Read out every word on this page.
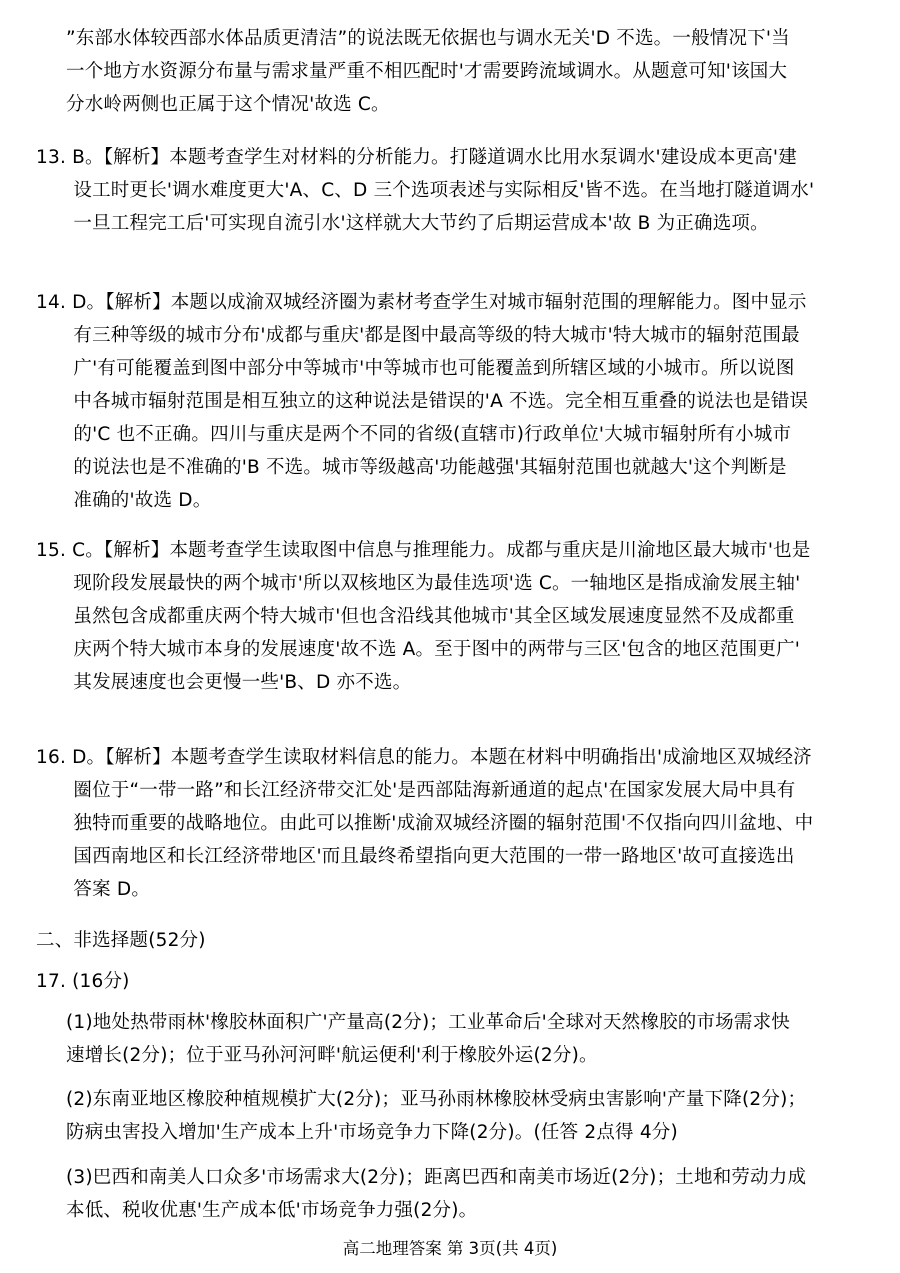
”东部水体较西部水体品质更清洁”的说法既无依据也与调水无关'D 不选。一般情况下'当
一个地方水资源分布量与需求量严重不相匹配时'才需要跨流域调水。从题意可知'该国大
分水岭两侧也正属于这个情况'故选 C。
13. B。【解析】本题考查学生对材料的分析能力。打隧道调水比用水泵调水'建设成本更高'建
　　设工时更长'调水难度更大'A、C、D 三个选项表述与实际相反'皆不选。在当地打隧道调水'
　　一旦工程完工后'可实现自流引水'这样就大大节约了后期运营成本'故 B 为正确选项。
14. D。【解析】本题以成渝双城经济圈为素材考查学生对城市辐射范围的理解能力。图中显示
　　有三种等级的城市分布'成都与重庆'都是图中最高等级的特大城市'特大城市的辐射范围最
　　广'有可能覆盖到图中部分中等城市'中等城市也可能覆盖到所辖区域的小城市。所以说图
　　中各城市辐射范围是相互独立的这种说法是错误的'A 不选。完全相互重叠的说法也是错误
　　的'C 也不正确。四川与重庆是两个不同的省级(直辖市)行政单位'大城市辐射所有小城市
　　的说法也是不准确的'B 不选。城市等级越高'功能越强'其辐射范围也就越大'这个判断是
　　准确的'故选 D。
15. C。【解析】本题考查学生读取图中信息与推理能力。成都与重庆是川渝地区最大城市'也是
　　现阶段发展最快的两个城市'所以双核地区为最佳选项'选 C。一轴地区是指成渝发展主轴'
　　虽然包含成都重庆两个特大城市'但也含沿线其他城市'其全区域发展速度显然不及成都重
　　庆两个特大城市本身的发展速度'故不选 A。至于图中的两带与三区'包含的地区范围更广'
　　其发展速度也会更慢一些'B、D 亦不选。
16. D。【解析】本题考查学生读取材料信息的能力。本题在材料中明确指出'成渝地区双城经济
　　圈位于“一带一路”和长江经济带交汇处'是西部陆海新通道的起点'在国家发展大局中具有
　　独特而重要的战略地位。由此可以推断'成渝双城经济圈的辐射范围'不仅指向四川盆地、中
　　国西南地区和长江经济带地区'而且最终希望指向更大范围的一带一路地区'故可直接选出
　　答案 D。
二、非选择题(52分)
17. (16分)
(1)地处热带雨林'橡胶林面积广'产量高(2分)；工业革命后'全球对天然橡胶的市场需求快
速增长(2分)；位于亚马孙河河畔'航运便利'利于橡胶外运(2分)。
(2)东南亚地区橡胶种植规模扩大(2分)；亚马孙雨林橡胶林受病虫害影响'产量下降(2分)；
防病虫害投入增加'生产成本上升'市场竞争力下降(2分)。(任答 2点得 4分)
(3)巴西和南美人口众多'市场需求大(2分)；距离巴西和南美市场近(2分)；土地和劳动力成
本低、税收优惠'生产成本低'市场竞争力强(2分)。
高二地理答案 第 3页(共 4页)
